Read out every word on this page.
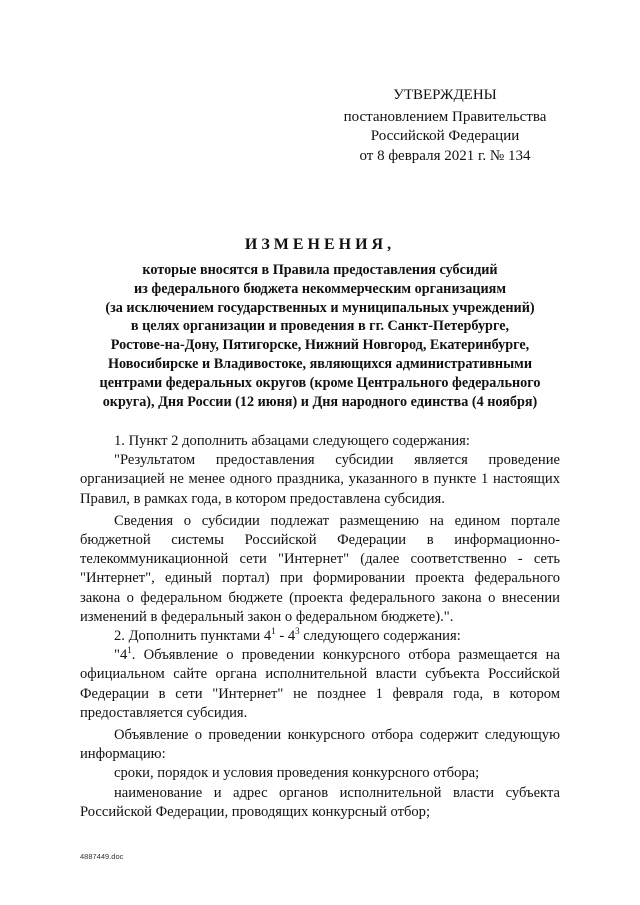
УТВЕРЖДЕНЫ
постановлением Правительства
Российской Федерации
от 8 февраля 2021 г. № 134
ИЗМЕНЕНИЯ,
которые вносятся в Правила предоставления субсидий
из федерального бюджета некоммерческим организациям
(за исключением государственных и муниципальных учреждений)
в целях организации и проведения в гг. Санкт-Петербурге,
Ростове-на-Дону, Пятигорске, Нижний Новгород, Екатеринбурге,
Новосибирске и Владивостоке, являющихся административными
центрами федеральных округов (кроме Центрального федерального
округа), Дня России (12 июня) и Дня народного единства (4 ноября)

1. Пункт 2 дополнить абзацами следующего содержания:

"Результатом предоставления субсидии является проведение организацией не менее одного праздника, указанного в пункте 1 настоящих Правил, в рамках года, в котором предоставлена субсидия.

Сведения о субсидии подлежат размещению на едином портале бюджетной системы Российской Федерации в информационно-телекоммуникационной сети "Интернет" (далее соответственно - сеть "Интернет", единый портал) при формировании проекта федерального закона о федеральном бюджете (проекта федерального закона о внесении изменений в федеральный закон о федеральном бюджете).".

2. Дополнить пунктами $4^1 - 4^3$ следующего содержания:

"$4^1$. Объявление о проведении конкурсного отбора размещается на официальном сайте органа исполнительной власти субъекта Российской Федерации в сети "Интернет" не позднее 1 февраля года, в котором предоставляется субсидия.

Объявление о проведении конкурсного отбора содержит следующую информацию:

сроки, порядок и условия проведения конкурсного отбора;

наименование и адрес органов исполнительной власти субъекта Российской Федерации, проводящих конкурсный отбор;

4887449.doc
